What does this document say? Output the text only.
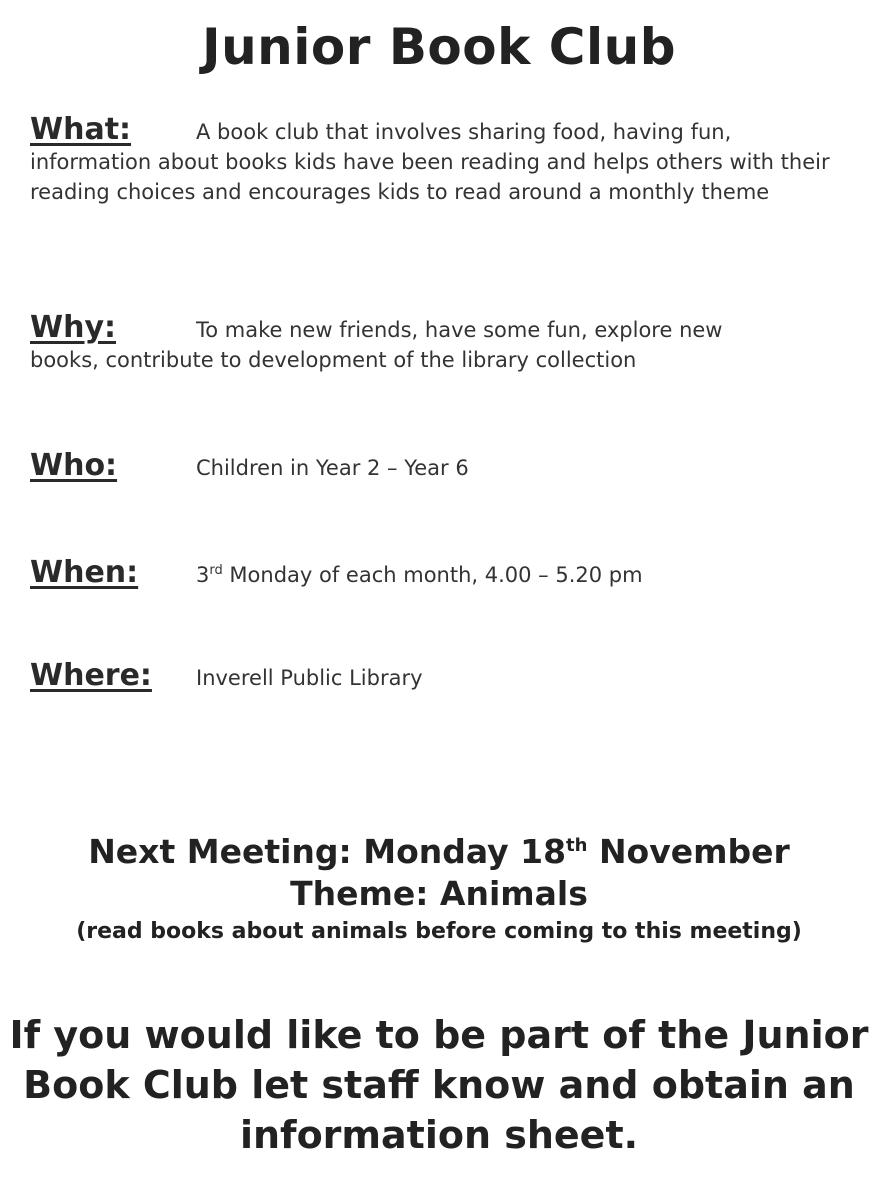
Junior Book Club
What:	A book club that involves sharing food, having fun,
information about books kids have been reading and helps others with their reading choices and encourages kids to read around a monthly theme
Why:	To make new friends, have some fun, explore new
books, contribute to development of the library collection
Who:	Children in Year 2 – Year 6
When:	3rd Monday of each month, 4.00 – 5.20 pm
Where:	Inverell Public Library
Next Meeting: Monday 18th November
Theme: Animals
(read books about animals before coming to this meeting)
If you would like to be part of the Junior
Book Club let staff know and obtain an
information sheet.
